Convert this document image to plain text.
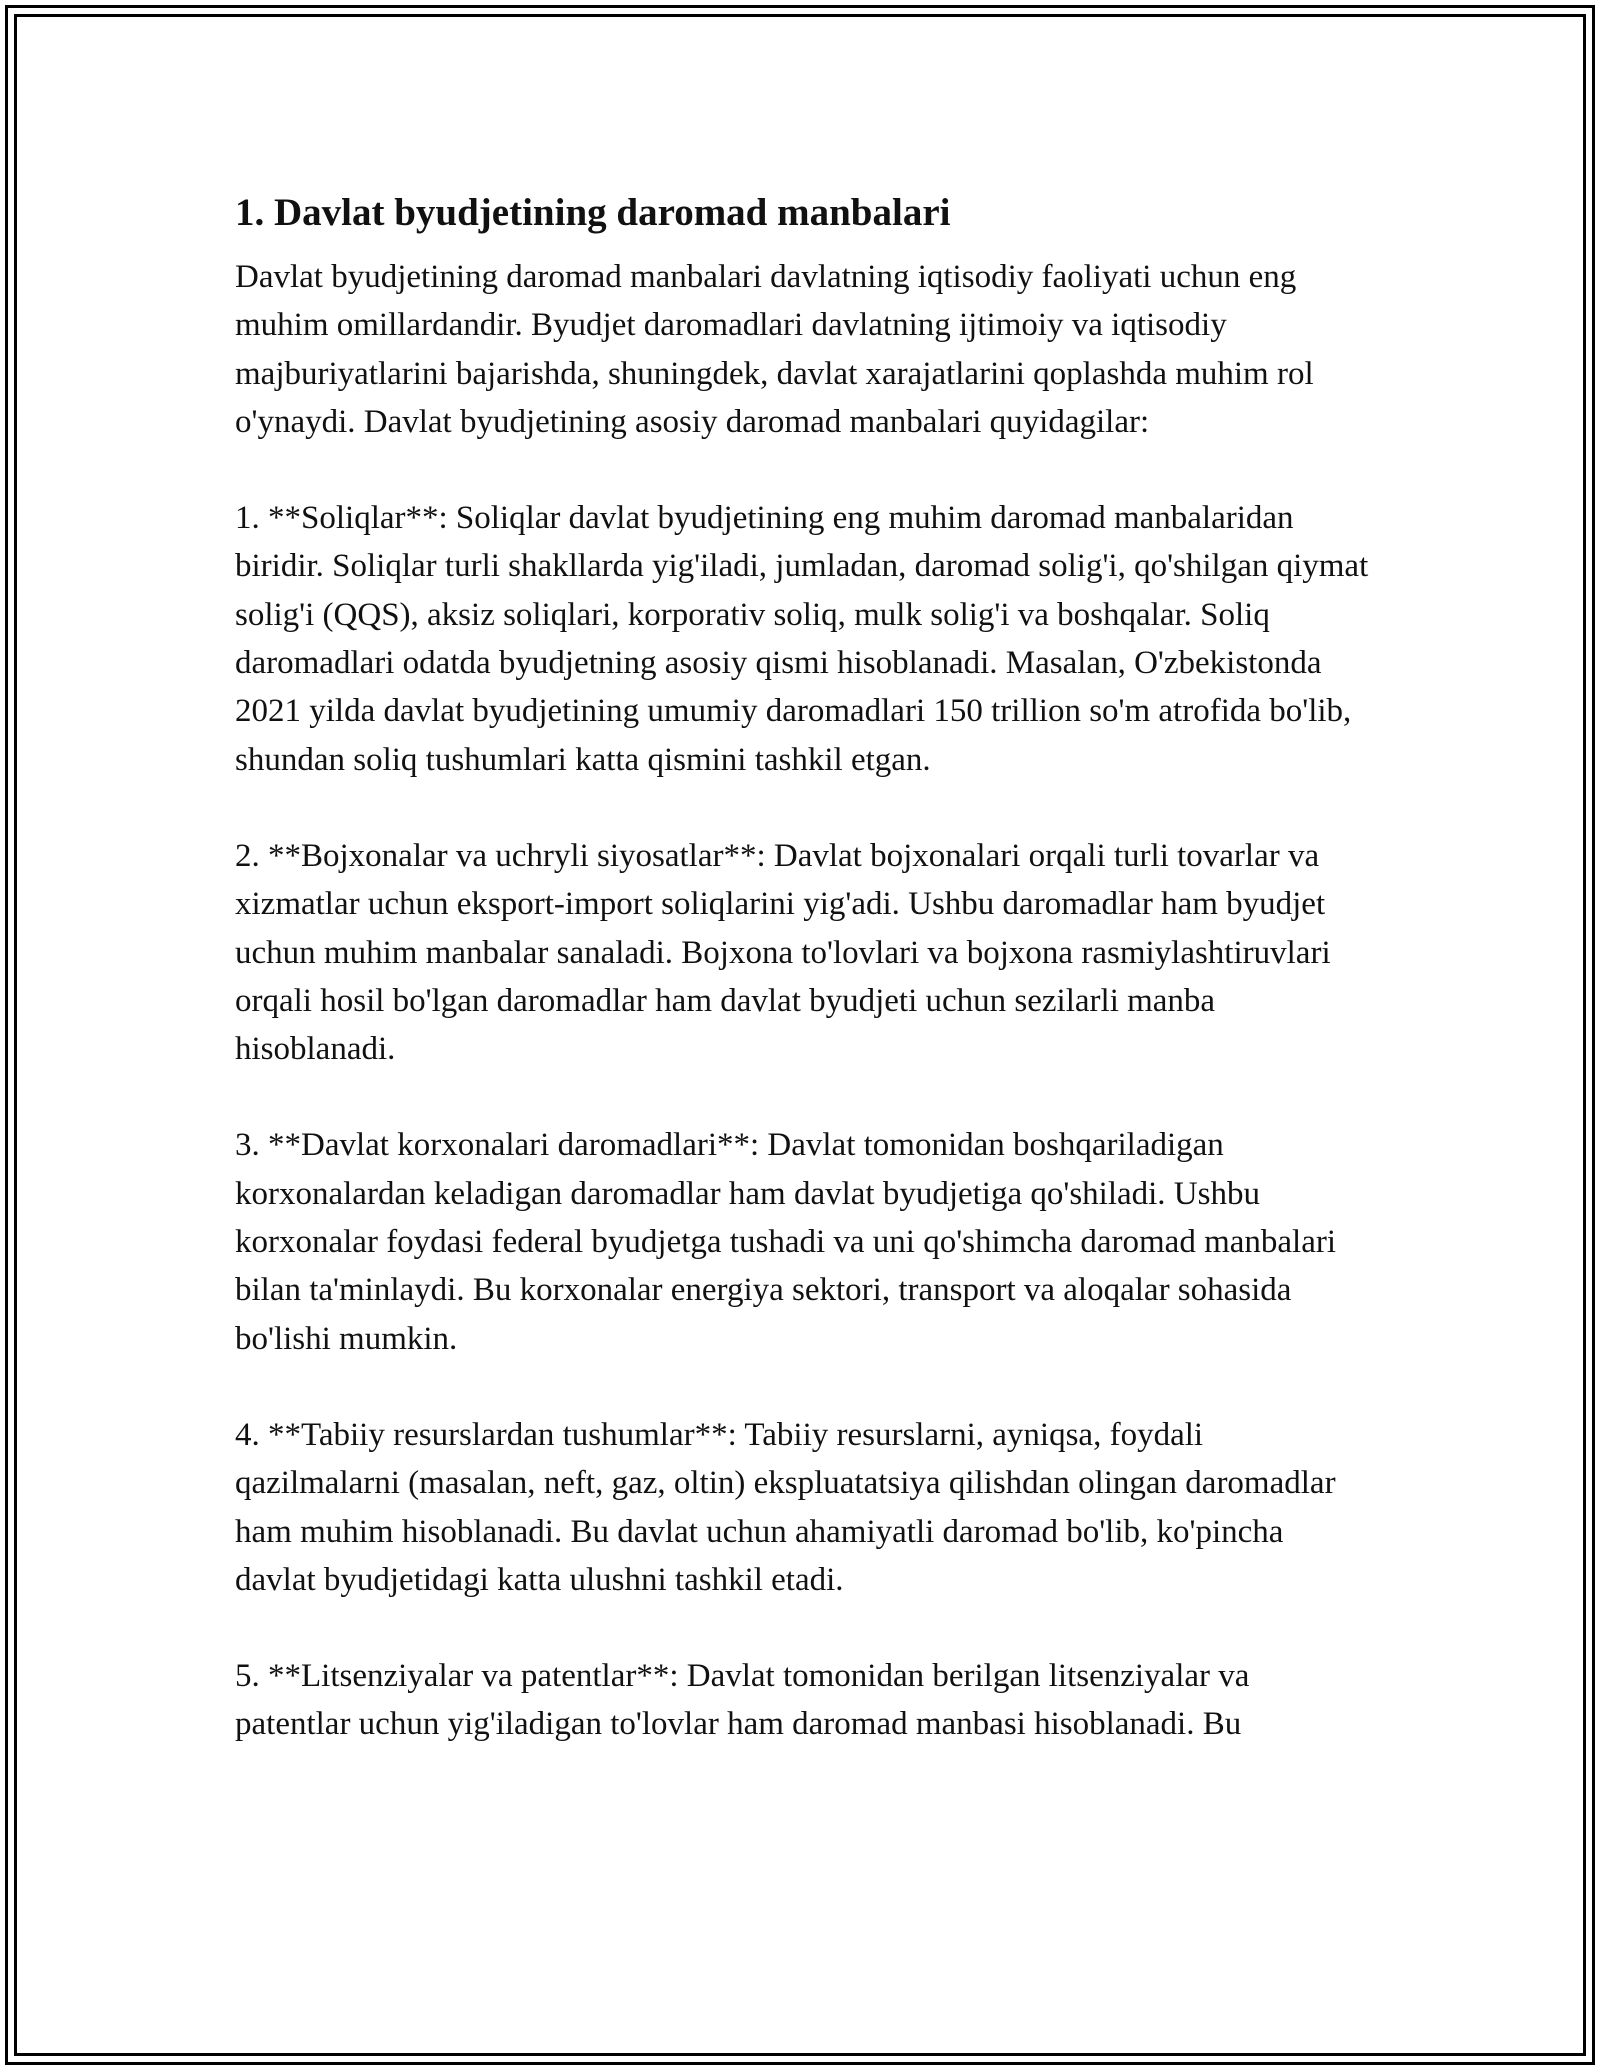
1. Davlat byudjetining daromad manbalari

Davlat byudjetining daromad manbalari davlatning iqtisodiy faoliyati uchun eng muhim omillardandir. Byudjet daromadlari davlatning ijtimoiy va iqtisodiy majburiyatlarini bajarishda, shuningdek, davlat xarajatlarini qoplashda muhim rol o'ynaydi. Davlat byudjetining asosiy daromad manbalari quyidagilar:

1. **Soliqlar**: Soliqlar davlat byudjetining eng muhim daromad manbalaridan biridir. Soliqlar turli shakllarda yig'iladi, jumladan, daromad solig'i, qo'shilgan qiymat solig'i (QQS), aksiz soliqlari, korporativ soliq, mulk solig'i va boshqalar. Soliq daromadlari odatda byudjetning asosiy qismi hisoblanadi. Masalan, O'zbekistonda 2021 yilda davlat byudjetining umumiy daromadlari 150 trillion so'm atrofida bo'lib, shundan soliq tushumlari katta qismini tashkil etgan.

2. **Bojxonalar va uchryli siyosatlar**: Davlat bojxonalari orqali turli tovarlar va xizmatlar uchun eksport-import soliqlarini yig'adi. Ushbu daromadlar ham byudjet uchun muhim manbalar sanaladi. Bojxona to'lovlari va bojxona rasmiylashtiruvlari orqali hosil bo'lgan daromadlar ham davlat byudjeti uchun sezilarli manba hisoblanadi.

3. **Davlat korxonalari daromadlari**: Davlat tomonidan boshqariladigan korxonalardan keladigan daromadlar ham davlat byudjetiga qo'shiladi. Ushbu korxonalar foydasi federal byudjetga tushadi va uni qo'shimcha daromad manbalari bilan ta'minlaydi. Bu korxonalar energiya sektori, transport va aloqalar sohasida bo'lishi mumkin.

4. **Tabiiy resurslardan tushumlar**: Tabiiy resurslarni, ayniqsa, foydali qazilmalarni (masalan, neft, gaz, oltin) ekspluatatsiya qilishdan olingan daromadlar ham muhim hisoblanadi. Bu davlat uchun ahamiyatli daromad bo'lib, ko'pincha davlat byudjetidagi katta ulushni tashkil etadi.

5. **Litsenziyalar va patentlar**: Davlat tomonidan berilgan litsenziyalar va patentlar uchun yig'iladigan to'lovlar ham daromad manbasi hisoblanadi. Bu
